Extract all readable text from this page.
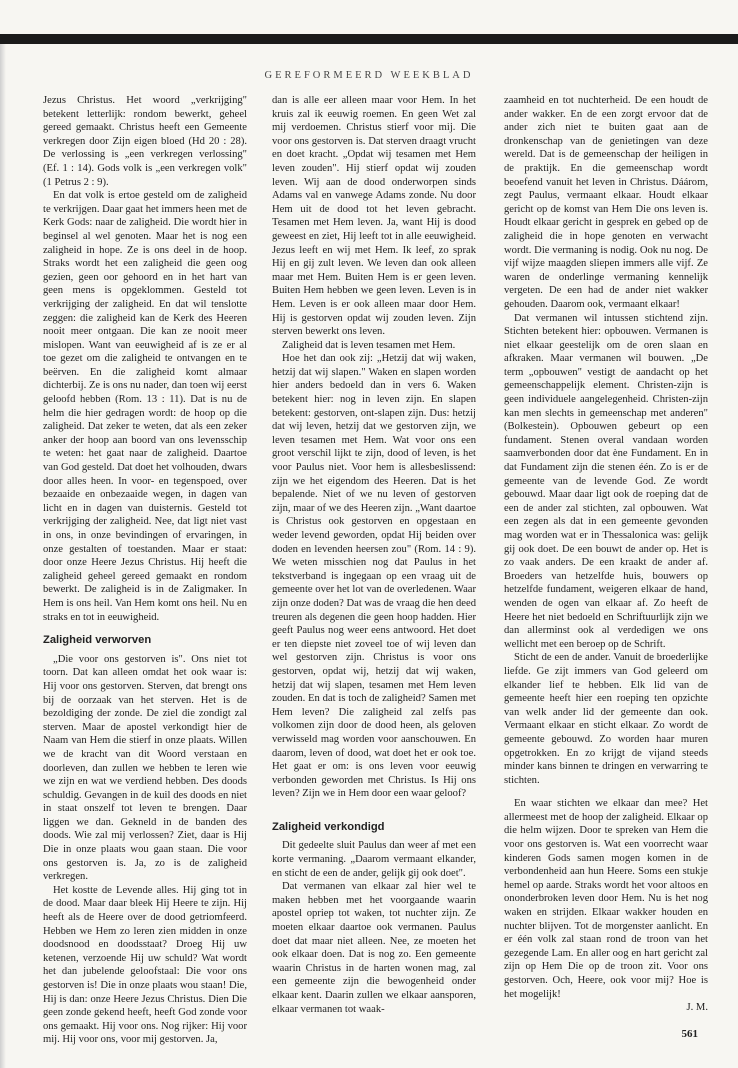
GEREFORMEERD WEEKBLAD

Jezus Christus. Het woord „verkrijging" betekent letterlijk: rondom bewerkt, geheel gereed gemaakt. Christus heeft een Gemeente verkregen door Zijn eigen bloed (Hd 20 : 28). De verlossing is „een verkregen verlossing" (Ef. 1 : 14). Gods volk is „een verkregen volk" (1 Petrus 2 : 9).

En dat volk is ertoe gesteld om de zaligheid te verkrijgen. Daar gaat het immers heen met de Kerk Gods: naar de zaligheid. Die wordt hier in beginsel al wel genoten. Maar het is nog een zaligheid in hope. Ze is ons deel in de hoop. Straks wordt het een zaligheid die geen oog gezien, geen oor gehoord en in het hart van geen mens is opgeklommen. Gesteld tot verkrijging der zaligheid. En dat wil tenslotte zeggen: die zaligheid kan de Kerk des Heeren nooit meer ontgaan. Die kan ze nooit meer mislopen. Want van eeuwigheid af is ze er al toe gezet om die zaligheid te ontvangen en te beërven. En die zaligheid komt almaar dichterbij. Ze is ons nu nader, dan toen wij eerst geloofd hebben (Rom. 13 : 11). Dat is nu de helm die hier gedragen wordt: de hoop op die zaligheid. Dat zeker te weten, dat als een zeker anker der hoop aan boord van ons levensschip te weten: het gaat naar de zaligheid. Daartoe van God gesteld. Dat doet het volhouden, dwars door alles heen. In voor- en tegenspoed, over bezaaide en onbezaaide wegen, in dagen van licht en in dagen van duisternis. Gesteld tot verkrijging der zaligheid. Nee, dat ligt niet vast in ons, in onze bevindingen of ervaringen, in onze gestalten of toestanden. Maar er staat: door onze Heere Jezus Christus. Hij heeft die zaligheid geheel gereed gemaakt en rondom bewerkt. De zaligheid is in de Zaligmaker. In Hem is ons heil. Van Hem komt ons heil. Nu en straks en tot in eeuwigheid.

Zaligheid verworven

„Die voor ons gestorven is". Ons niet tot toorn. Dat kan alleen omdat het ook waar is: Hij voor ons gestorven. Sterven, dat brengt ons bij de oorzaak van het sterven. Het is de bezoldiging der zonde. De ziel die zondigt zal sterven. Maar de apostel verkondigt hier de Naam van Hem die stierf in onze plaats. Willen we de kracht van dit Woord verstaan en doorleven, dan zullen we hebben te leren wie we zijn en wat we verdiend hebben. Des doods schuldig. Gevangen in de kuil des doods en niet in staat onszelf tot leven te brengen. Daar liggen we dan. Gekneld in de banden des doods. Wie zal mij verlossen? Ziet, daar is Hij Die in onze plaats wou gaan staan. Die voor ons gestorven is. Ja, zo is de zaligheid verkregen.

Het kostte de Levende alles. Hij ging tot in de dood. Maar daar bleek Hij Heere te zijn. Hij heeft als de Heere over de dood getriomfeerd. Hebben we Hem zo leren zien midden in onze doodsnood en doodsstaat? Droeg Hij uw ketenen, verzoende Hij uw schuld? Wat wordt het dan jubelende geloofstaal: Die voor ons gestorven is! Die in onze plaats wou staan! Die, Hij is dan: onze Heere Jezus Christus. Dien Die geen zonde gekend heeft, heeft God zonde voor ons gemaakt. Hij voor ons. Nog rijker: Hij voor mij. Hij voor ons, voor mij gestorven. Ja,

dan is alle eer alleen maar voor Hem. In het kruis zal ik eeuwig roemen. En geen Wet zal mij verdoemen. Christus stierf voor mij. Die voor ons gestorven is. Dat sterven draagt vrucht en doet kracht. „Opdat wij tesamen met Hem leven zouden". Hij stierf opdat wij zouden leven. Wij aan de dood onderworpen sinds Adams val en vanwege Adams zonde. Nu door Hem uit de dood tot het leven gebracht. Tesamen met Hem leven. Ja, want Hij is dood geweest en ziet, Hij leeft tot in alle eeuwigheid. Jezus leeft en wij met Hem. Ik leef, zo sprak Hij en gij zult leven. We leven dan ook alleen maar met Hem. Buiten Hem is er geen leven. Buiten Hem hebben we geen leven. Leven is in Hem. Leven is er ook alleen maar door Hem. Hij is gestorven opdat wij zouden leven. Zijn sterven bewerkt ons leven.

Zaligheid dat is leven tesamen met Hem.

Hoe het dan ook zij: „Hetzij dat wij waken, hetzij dat wij slapen." Waken en slapen worden hier anders bedoeld dan in vers 6. Waken betekent hier: nog in leven zijn. En slapen betekent: gestorven, ont-slapen zijn. Dus: hetzij dat wij leven, hetzij dat we gestorven zijn, we leven tesamen met Hem. Wat voor ons een groot verschil lijkt te zijn, dood of leven, is het voor Paulus niet. Voor hem is allesbeslissend: zijn we het eigendom des Heeren. Dat is het bepalende. Niet of we nu leven of gestorven zijn, maar of we des Heeren zijn. „Want daartoe is Christus ook gestorven en opgestaan en weder levend geworden, opdat Hij beiden over doden en levenden heersen zou" (Rom. 14 : 9). We weten misschien nog dat Paulus in het tekstverband is ingegaan op een vraag uit de gemeente over het lot van de overledenen. Waar zijn onze doden? Dat was de vraag die hen deed treuren als degenen die geen hoop hadden. Hier geeft Paulus nog weer eens antwoord. Het doet er ten diepste niet zoveel toe of wij leven dan wel gestorven zijn. Christus is voor ons gestorven, opdat wij, hetzij dat wij waken, hetzij dat wij slapen, tesamen met Hem leven zouden. En dat is toch de zaligheid? Samen met Hem leven? Die zaligheid zal zelfs pas volkomen zijn door de dood heen, als geloven verwisseld mag worden voor aanschouwen. En daarom, leven of dood, wat doet het er ook toe. Het gaat er om: is ons leven voor eeuwig verbonden geworden met Christus. Is Hij ons leven? Zijn we in Hem door een waar geloof?

Zaligheid verkondigd

Dit gedeelte sluit Paulus dan weer af met een korte vermaning. „Daarom vermaant elkander, en sticht de een de ander, gelijk gij ook doet".

Dat vermanen van elkaar zal hier wel te maken hebben met het voorgaande waarin apostel opriep tot waken, tot nuchter zijn. Ze moeten elkaar daartoe ook vermanen. Paulus doet dat maar niet alleen. Nee, ze moeten het ook elkaar doen. Dat is nog zo. Een gemeente waarin Christus in de harten wonen mag, zal een gemeente zijn die bewogenheid onder elkaar kent. Daarin zullen we elkaar aansporen, elkaar vermanen tot waak-

zaamheid en tot nuchterheid. De een houdt de ander wakker. En de een zorgt ervoor dat de ander zich niet te buiten gaat aan de dronkenschap van de genietingen van deze wereld. Dat is de gemeenschap der heiligen in de praktijk. En die gemeenschap wordt beoefend vanuit het leven in Christus. Dáárom, zegt Paulus, vermaant elkaar. Houdt elkaar gericht op de komst van Hem Die ons leven is. Houdt elkaar gericht in gesprek en gebed op de zaligheid die in hope genoten en verwacht wordt. Die vermaning is nodig. Ook nu nog. De vijf wijze maagden sliepen immers alle vijf. Ze waren de onderlinge vermaning kennelijk vergeten. De een had de ander niet wakker gehouden. Daarom ook, vermaant elkaar!

Dat vermanen wil intussen stichtend zijn. Stichten betekent hier: opbouwen. Vermanen is niet elkaar geestelijk om de oren slaan en afkraken. Maar vermanen wil bouwen. „De term „opbouwen" vestigt de aandacht op het gemeenschappelijk element. Christen-zijn is geen individuele aangelegenheid. Christen-zijn kan men slechts in gemeenschap met anderen" (Bolkestein). Opbouwen gebeurt op een fundament. Stenen overal vandaan worden saamverbonden door dat ène Fundament. En in dat Fundament zijn die stenen één. Zo is er de gemeente van de levende God. Ze wordt gebouwd. Maar daar ligt ook de roeping dat de een de ander zal stichten, zal opbouwen. Wat een zegen als dat in een gemeente gevonden mag worden wat er in Thessalonica was: gelijk gij ook doet. De een bouwt de ander op. Het is zo vaak anders. De een kraakt de ander af. Broeders van hetzelfde huis, bouwers op hetzelfde fundament, weigeren elkaar de hand, wenden de ogen van elkaar af. Zo heeft de Heere het niet bedoeld en Schriftuurlijk zijn we dan allerminst ook al verdedigen we ons wellicht met een beroep op de Schrift.

Sticht de een de ander. Vanuit de broederlijke liefde. Ge zijt immers van God geleerd om elkander lief te hebben. Elk lid van de gemeente heeft hier een roeping ten opzichte van welk ander lid der gemeente dan ook. Vermaant elkaar en sticht elkaar. Zo wordt de gemeente gebouwd. Zo worden haar muren opgetrokken. En zo krijgt de vijand steeds minder kans binnen te dringen en verwarring te stichten.

En waar stichten we elkaar dan mee? Het allermeest met de hoop der zaligheid. Elkaar op die helm wijzen. Door te spreken van Hem die voor ons gestorven is. Wat een voorrecht waar kinderen Gods samen mogen komen in de verbondenheid aan hun Heere. Soms een stukje hemel op aarde. Straks wordt het voor altoos en ononderbroken leven door Hem. Nu is het nog waken en strijden. Elkaar wakker houden en nuchter blijven. Tot de morgenster aanlicht. En er één volk zal staan rond de troon van het gezegende Lam. En aller oog en hart gericht zal zijn op Hem Die op de troon zit. Voor ons gestorven. Och, Heere, ook voor mij? Hoe is het mogelijk!

J. M.
561
